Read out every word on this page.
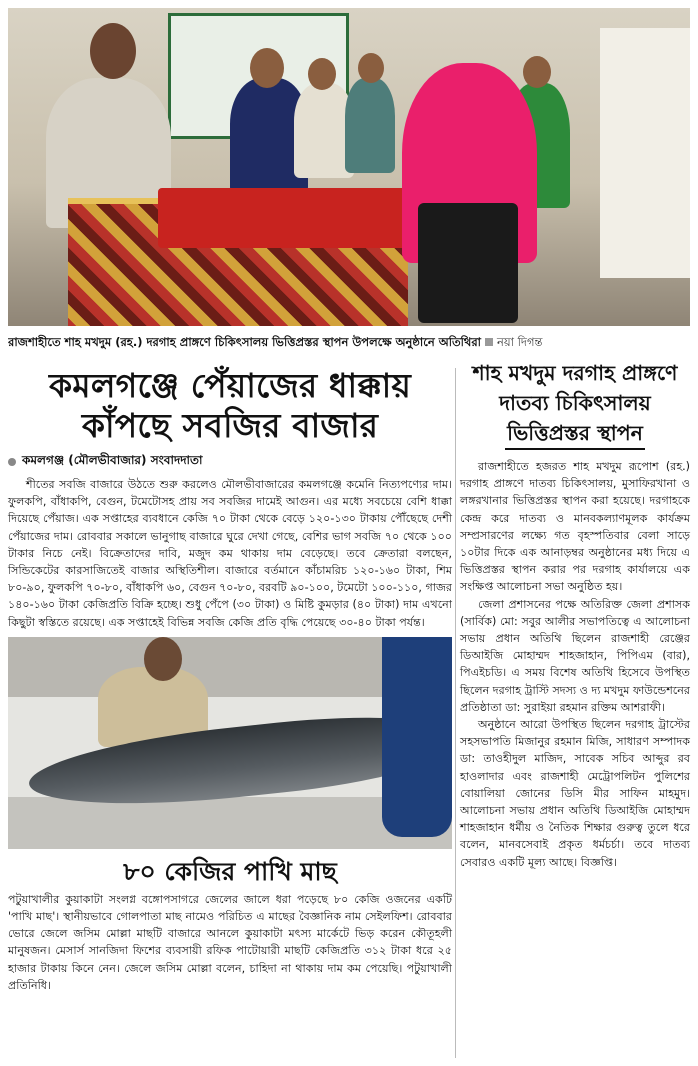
রাজশাহীতে শাহ মখদুম (রহ.) দরগাহ প্রাঙ্গণে চিকিৎসালয় ভিত্তিপ্রস্তর স্থাপন উপলক্ষে অনুষ্ঠানে অতিথিরা নয়া দিগন্ত
কমলগঞ্জে পেঁয়াজের ধাক্কায়
কাঁপছে সবজির বাজার
কমলগঞ্জ (মৌলভীবাজার) সংবাদদাতা

শীতের সবজি বাজারে উঠতে শুরু করলেও মৌলভীবাজারের কমলগঞ্জে কমেনি নিত্যপণ্যের দাম। ফুলকপি, বাঁধাকপি, বেগুন, টমেটোসহ প্রায় সব সবজির দামেই আগুন। এর মধ্যে সবচেয়ে বেশি ধাক্কা দিয়েছে পেঁয়াজ। এক সপ্তাহের ব্যবধানে কেজি ৭০ টাকা থেকে বেড়ে ১২০-১৩০ টাকায় পৌঁছেছে দেশী পেঁয়াজের দাম। রোববার সকালে ভানুগাছ বাজারে ঘুরে দেখা গেছে, বেশির ভাগ সবজি ৭০ থেকে ১০০ টাকার নিচে নেই। বিক্রেতাদের দাবি, মজুদ কম থাকায় দাম বেড়েছে। তবে ক্রেতারা বলছেন, সিন্ডিকেটের কারসাজিতেই বাজার অস্থিতিশীল। বাজারে বর্তমানে কাঁচামরিচ ১২০-১৬০ টাকা, শিম ৮০-৯০, ফুলকপি ৭০-৮০, বাঁধাকপি ৬০, বেগুন ৭০-৮০, বরবটি ৯০-১০০, টমেটো ১০০-১১০, গাজর ১৪০-১৬০ টাকা কেজিপ্রতি বিক্রি হচ্ছে। শুধু পেঁপে (৩০ টাকা) ও মিষ্টি কুমড়ার (৪০ টাকা) দাম এখনো কিছুটা স্বস্তিতে রয়েছে। এক সপ্তাহেই বিভিন্ন সবজি কেজি প্রতি বৃদ্ধি পেয়েছে ৩০-৪০ টাকা পর্যন্ত।

৮০ কেজির পাখি মাছ

পটুয়াখালীর কুয়াকাটা সংলগ্ন বঙ্গোপসাগরে জেলের জালে ধরা পড়েছে ৮০ কেজি ওজনের একটি 'পাখি মাছ'। স্থানীয়ভাবে গোলপাতা মাছ নামেও পরিচিত এ মাছের বৈজ্ঞানিক নাম সেইলফিশ। রোববার ভোরে জেলে জসিম মোল্লা মাছটি বাজারে আনলে কুয়াকাটা মৎস্য মার্কেটে ভিড় করেন কৌতূহলী মানুষজন। মেসার্স সানজিদা ফিশের ব্যবসায়ী রফিক পাটোয়ারী মাছটি কেজিপ্রতি ৩১২ টাকা ধরে ২৫ হাজার টাকায় কিনে নেন। জেলে জসিম মোল্লা বলেন, চাহিদা না থাকায় দাম কম পেয়েছি। পটুয়াখালী প্রতিনিধি।

শাহ মখদুম দরগাহ প্রাঙ্গণে
দাতব্য চিকিৎসালয়
ভিত্তিপ্রস্তর স্থাপন

রাজশাহীতে হজরত শাহ মখদুম রূপোশ (রহ.) দরগাহ প্রাঙ্গণে দাতব্য চিকিৎসালয়, মুসাফিরখানা ও লঙ্গরখানার ভিত্তিপ্রস্তর স্থাপন করা হয়েছে। দরগাহকে কেন্দ্র করে দাতব্য ও মানবকল্যাণমূলক কার্যক্রম সম্প্রসারণের লক্ষ্যে গত বৃহস্পতিবার বেলা সাড়ে ১০টার দিকে এক আনাড়ম্বর অনুষ্ঠানের মধ্য দিয়ে এ ভিত্তিপ্রস্তর স্থাপন করার পর দরগাহ কার্যালয়ে এক সংক্ষিপ্ত আলোচনা সভা অনুষ্ঠিত হয়।

জেলা প্রশাসনের পক্ষে অতিরিক্ত জেলা প্রশাসক (সার্বিক) মো: সবুর আলীর সভাপতিত্বে এ আলোচনা সভায় প্রধান অতিথি ছিলেন রাজশাহী রেঞ্জের ডিআইজি মোহাম্মদ শাহজাহান, পিপিএম (বার), পিএইচডি। এ সময় বিশেষ অতিথি হিসেবে উপস্থিত ছিলেন দরগাহ ট্রাস্টি সদস্য ও দ্য মখদুম ফাউন্ডেশনের প্রতিষ্ঠাতা ডা: সুরাইয়া রহমান রক্তিম আশরাফী।

অনুষ্ঠানে আরো উপস্থিত ছিলেন দরগাহ ট্রাস্টের সহসভাপতি মিজানুর রহমান মিজি, সাধারণ সম্পাদক ডা: তাওহীদুল মাজিদ, সাবেক সচিব আব্দুর রব হাওলাদার এবং রাজশাহী মেট্রোপলিটন পুলিশের বোয়ালিয়া জোনের ডিসি মীর সাফিন মাহমুদ। আলোচনা সভায় প্রধান অতিথি ডিআইজি মোহাম্মদ শাহজাহান ধর্মীয় ও নৈতিক শিক্ষার গুরুত্ব তুলে ধরে বলেন, মানবসেবাই প্রকৃত ধর্মচর্চা। তবে দাতব্য সেবারও একটি মূল্য আছে। বিজ্ঞপ্তি।
